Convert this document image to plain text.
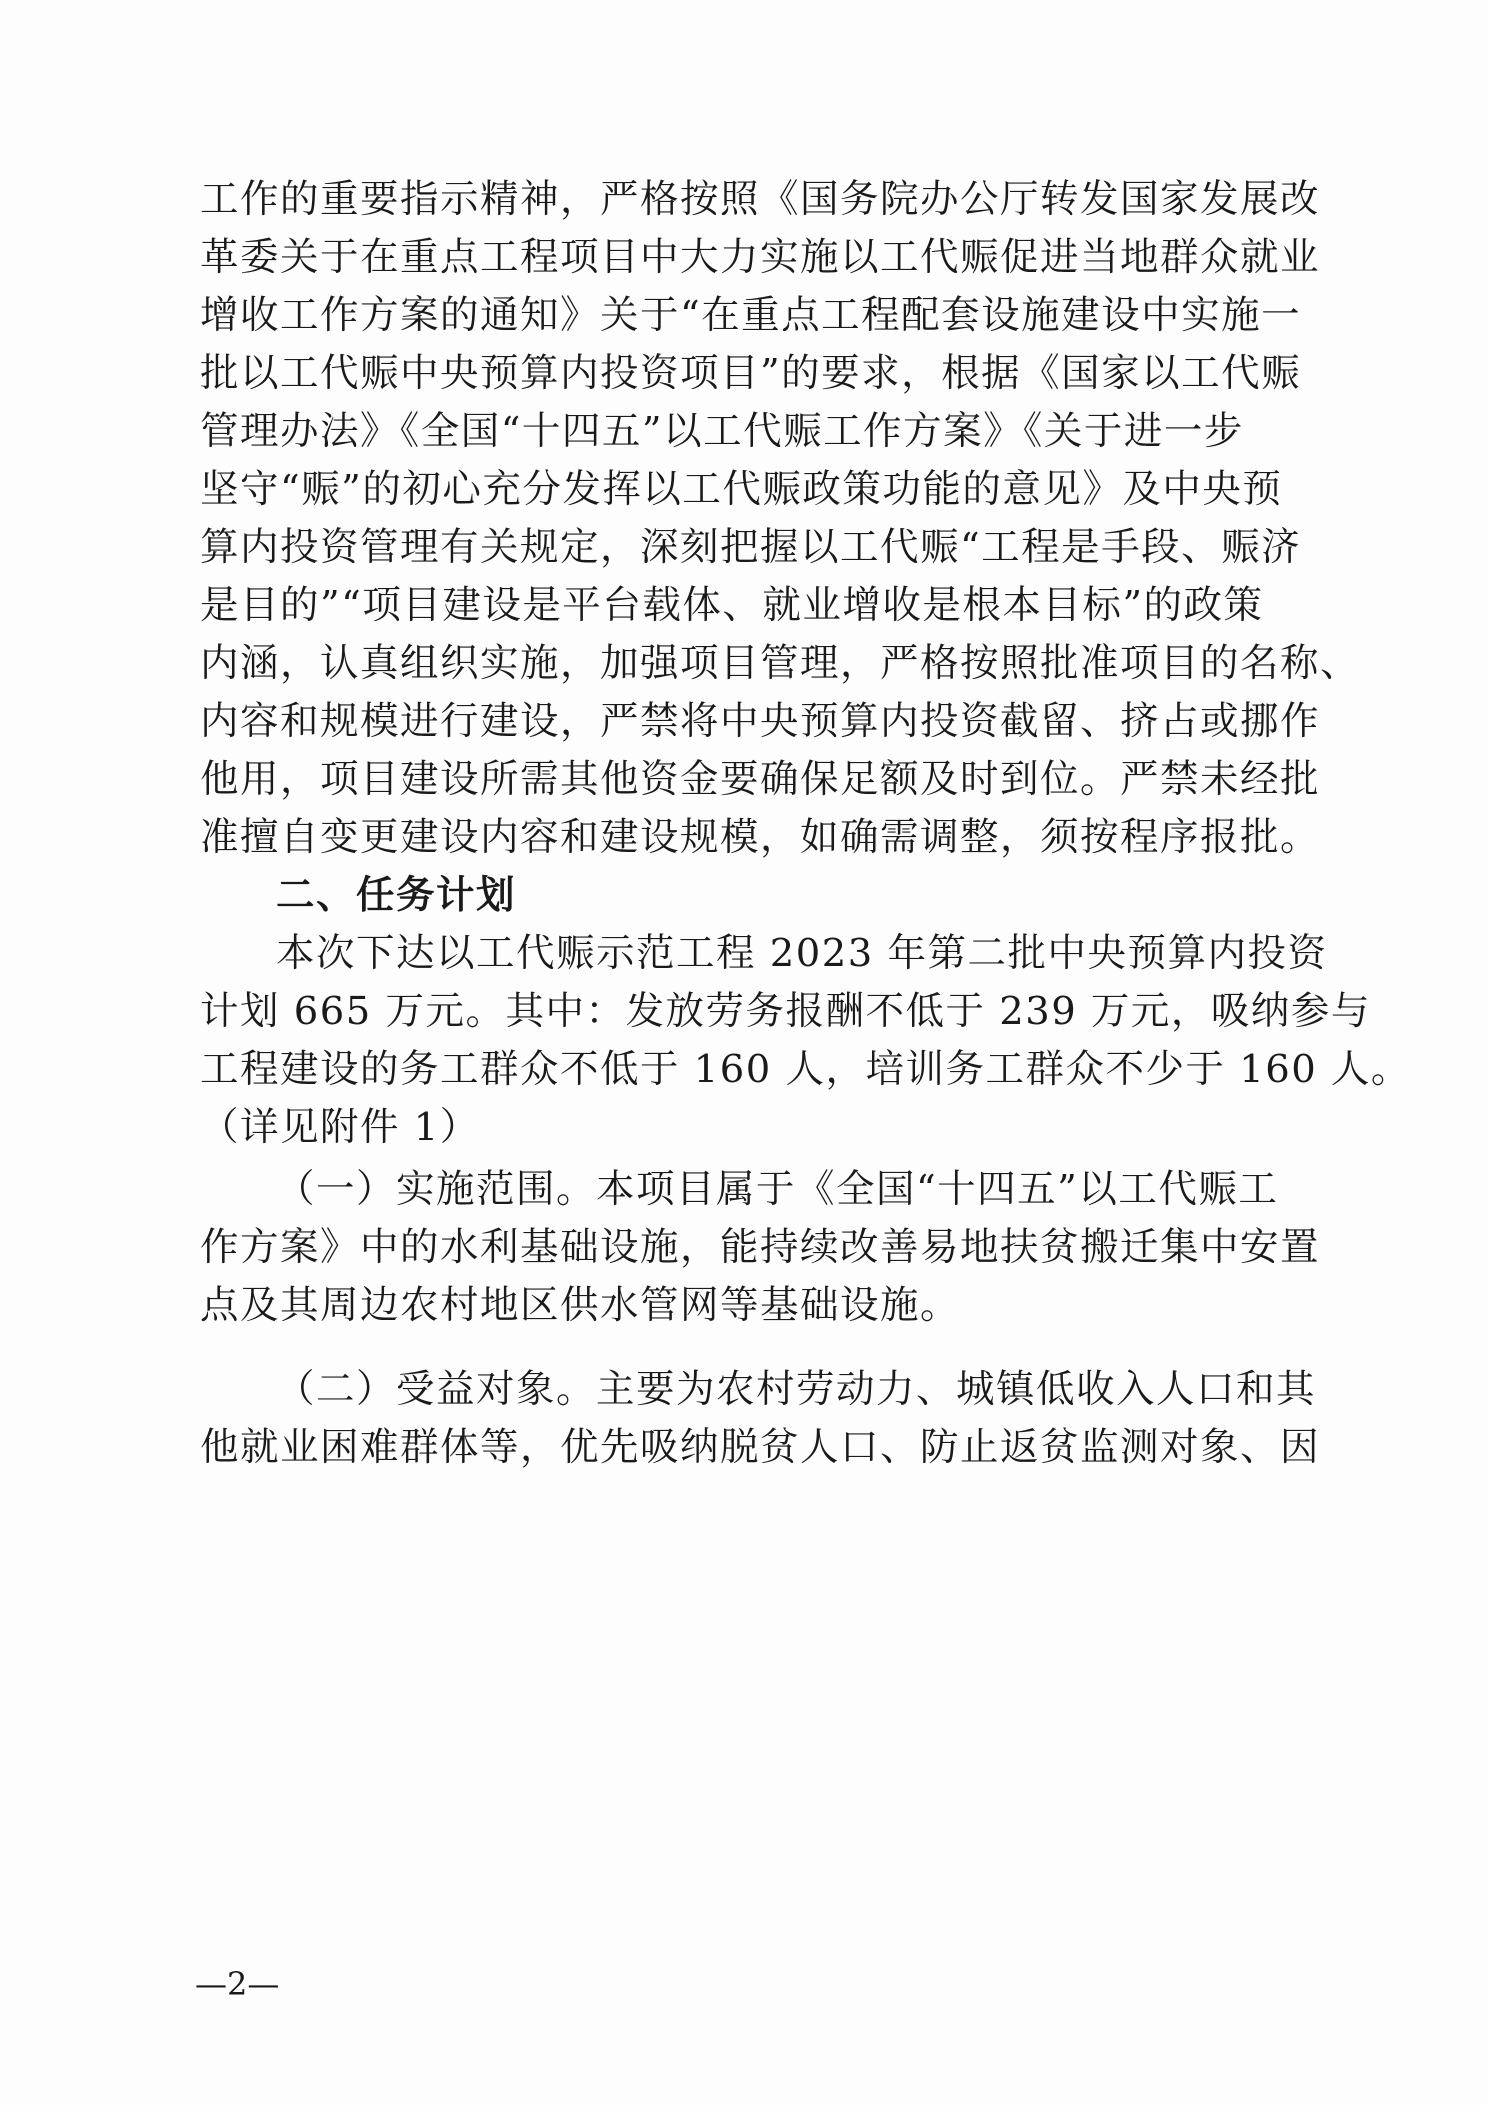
工作的重要指示精神，严格按照《国务院办公厅转发国家发展改
革委关于在重点工程项目中大力实施以工代赈促进当地群众就业
增收工作方案的通知》关于“在重点工程配套设施建设中实施一
批以工代赈中央预算内投资项目”的要求，根据《国家以工代赈
管理办法》《全国“十四五”以工代赈工作方案》《关于进一步
坚守“赈”的初心充分发挥以工代赈政策功能的意见》及中央预
算内投资管理有关规定，深刻把握以工代赈“工程是手段、赈济
是目的”“项目建设是平台载体、就业增收是根本目标”的政策
内涵，认真组织实施，加强项目管理，严格按照批准项目的名称、
内容和规模进行建设，严禁将中央预算内投资截留、挤占或挪作
他用，项目建设所需其他资金要确保足额及时到位。严禁未经批
准擅自变更建设内容和建设规模，如确需调整，须按程序报批。
二、任务计划
本次下达以工代赈示范工程 2023 年第二批中央预算内投资
计划 665 万元。其中：发放劳务报酬不低于 239 万元，吸纳参与
工程建设的务工群众不低于 160 人，培训务工群众不少于 160 人。
（详见附件 1）
（一）实施范围。本项目属于《全国“十四五”以工代赈工
作方案》中的水利基础设施，能持续改善易地扶贫搬迁集中安置
点及其周边农村地区供水管网等基础设施。
（二）受益对象。主要为农村劳动力、城镇低收入人口和其
他就业困难群体等，优先吸纳脱贫人口、防止返贫监测对象、因
—2—
